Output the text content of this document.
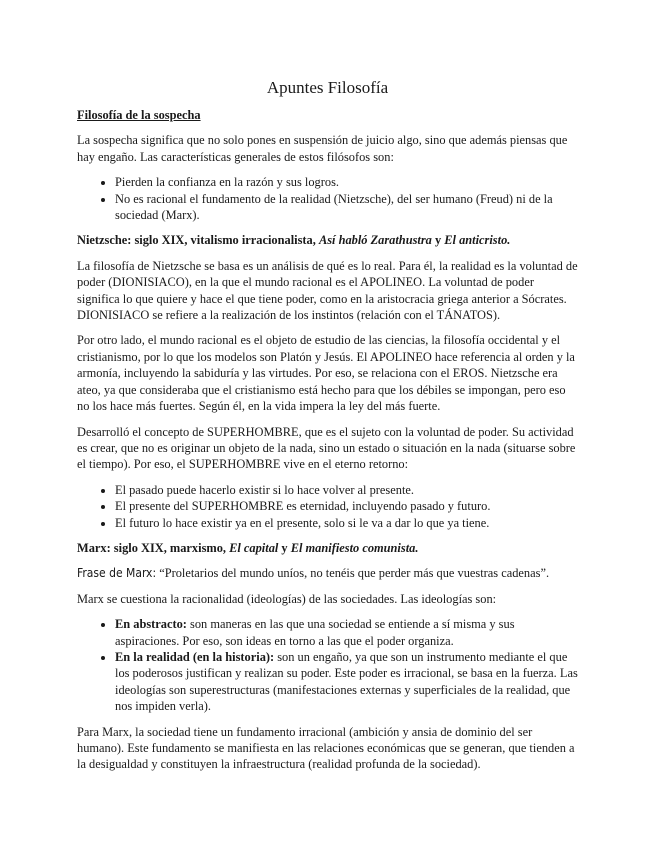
Apuntes Filosofía
Filosofía de la sospecha

La sospecha significa que no solo pones en suspensión de juicio algo, sino que además piensas que hay engaño. Las características generales de estos filósofos son:

• Pierden la confianza en la razón y sus logros.
• No es racional el fundamento de la realidad (Nietzsche), del ser humano (Freud) ni de la sociedad (Marx).
Nietzsche: siglo XIX, vitalismo irracionalista, Así habló Zarathustra y El anticristo.

La filosofía de Nietzsche se basa es un análisis de qué es lo real. Para él, la realidad es la voluntad de poder (DIONISIACO), en la que el mundo racional es el APOLINEO. La voluntad de poder significa lo que quiere y hace el que tiene poder, como en la aristocracia griega anterior a Sócrates. DIONISIACO se refiere a la realización de los instintos (relación con el TÁNATOS).

Por otro lado, el mundo racional es el objeto de estudio de las ciencias, la filosofía occidental y el cristianismo, por lo que los modelos son Platón y Jesús. El APOLINEO hace referencia al orden y la armonía, incluyendo la sabiduría y las virtudes. Por eso, se relaciona con el EROS. Nietzsche era ateo, ya que consideraba que el cristianismo está hecho para que los débiles se impongan, pero eso no los hace más fuertes. Según él, en la vida impera la ley del más fuerte.

Desarrolló el concepto de SUPERHOMBRE, que es el sujeto con la voluntad de poder. Su actividad es crear, que no es originar un objeto de la nada, sino un estado o situación en la nada (situarse sobre el tiempo). Por eso, el SUPERHOMBRE vive en el eterno retorno:

• El pasado puede hacerlo existir si lo hace volver al presente.
• El presente del SUPERHOMBRE es eternidad, incluyendo pasado y futuro.
• El futuro lo hace existir ya en el presente, solo si le va a dar lo que ya tiene.
Marx: siglo XIX, marxismo, El capital y El manifiesto comunista.

Frase de Marx: “Proletarios del mundo uníos, no tenéis que perder más que vuestras cadenas”.

Marx se cuestiona la racionalidad (ideologías) de las sociedades. Las ideologías son:

• En abstracto: son maneras en las que una sociedad se entiende a sí misma y sus aspiraciones. Por eso, son ideas en torno a las que el poder organiza.
• En la realidad (en la historia): son un engaño, ya que son un instrumento mediante el que los poderosos justifican y realizan su poder. Este poder es irracional, se basa en la fuerza. Las ideologías son superestructuras (manifestaciones externas y superficiales de la realidad, que nos impiden verla).

Para Marx, la sociedad tiene un fundamento irracional (ambición y ansia de dominio del ser humano). Este fundamento se manifiesta en las relaciones económicas que se generan, que tienden a la desigualdad y constituyen la infraestructura (realidad profunda de la sociedad).
